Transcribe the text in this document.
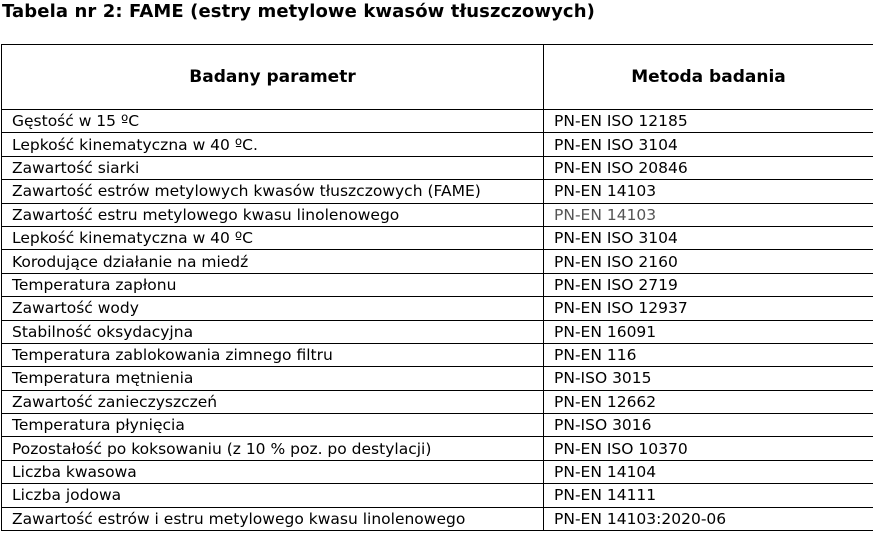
Tabela nr 2: FAME (estry metylowe kwasów tłuszczowych)
Badany parametr	Metoda badania
Gęstość w 15 ºC	PN-EN ISO 12185
Lepkość kinematyczna w 40 ºC.	PN-EN ISO 3104
Zawartość siarki	PN-EN ISO 20846
Zawartość estrów metylowych kwasów tłuszczowych (FAME)	PN-EN 14103
Zawartość estru metylowego kwasu linolenowego	PN-EN 14103
Lepkość kinematyczna w 40 ºC	PN-EN ISO 3104
Korodujące działanie na miedź	PN-EN ISO 2160
Temperatura zapłonu	PN-EN ISO 2719
Zawartość wody	PN-EN ISO 12937
Stabilność oksydacyjna	PN-EN 16091
Temperatura zablokowania zimnego filtru	PN-EN 116
Temperatura mętnienia	PN-ISO 3015
Zawartość zanieczyszczeń	PN-EN 12662
Temperatura płynięcia	PN-ISO 3016
Pozostałość po koksowaniu (z 10 % poz. po destylacji)	PN-EN ISO 10370
Liczba kwasowa	PN-EN 14104
Liczba jodowa	PN-EN 14111
Zawartość estrów i estru metylowego kwasu linolenowego	PN-EN 14103:2020-06
